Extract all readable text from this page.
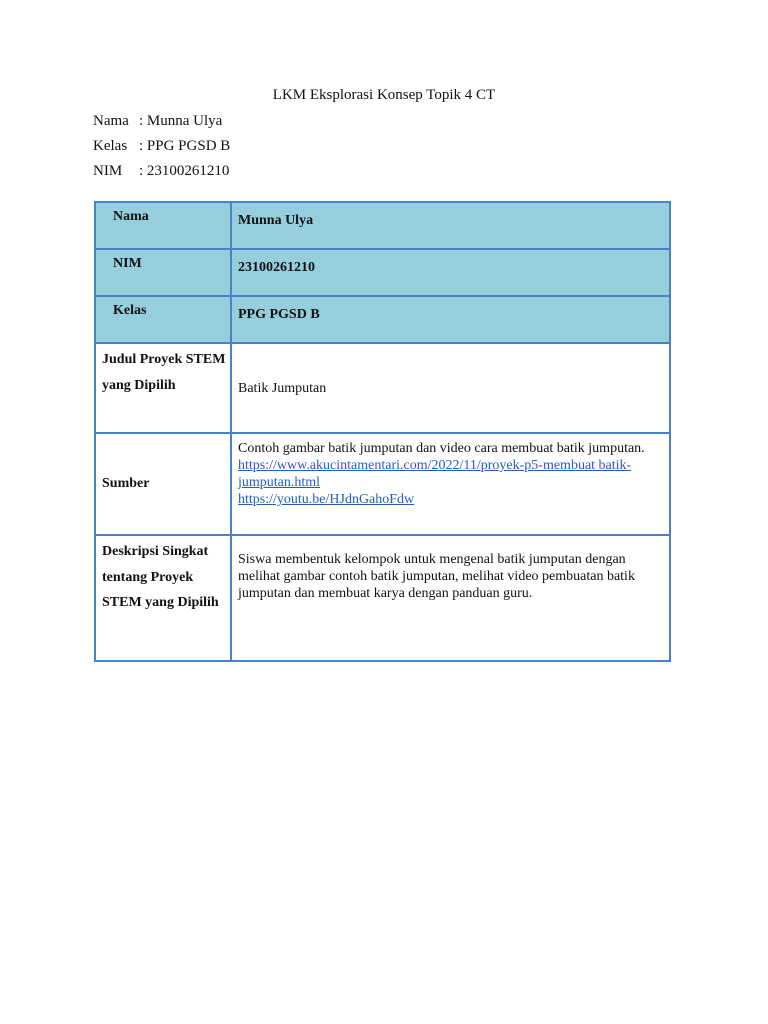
LKM Eksplorasi Konsep Topik 4 CT
Nama : Munna Ulya
Kelas : PPG PGSD B
NIM : 23100261210
Nama	Munna Ulya
NIM	23100261210
Kelas	PPG PGSD B
Judul Proyek STEM yang Dipilih	Batik Jumputan
Sumber	Contoh gambar batik jumputan dan video cara membuat batik jumputan.
https://www.akucintamentari.com/2022/11/proyek-p5-membuat batik-jumputan.html
https://youtu.be/HJdnGahoFdw

Deskripsi Singkat tentang Proyek STEM yang Dipilih	Siswa membentuk kelompok untuk mengenal batik jumputan dengan melihat gambar contoh batik jumputan, melihat video pembuatan batik jumputan dan membuat karya dengan panduan guru.
